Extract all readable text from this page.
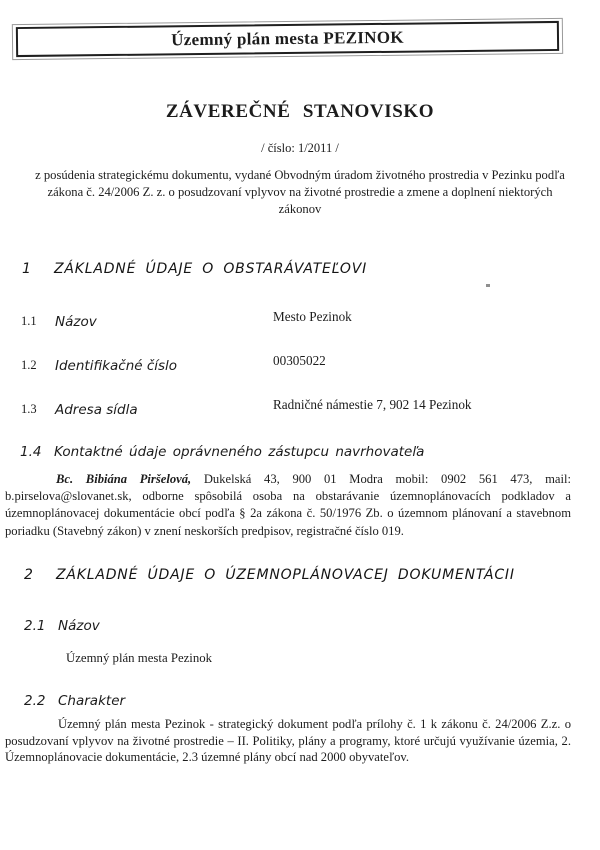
Územný plán mesta PEZINOK
ZÁVEREČNÉ STANOVISKO
/ číslo: 1/2011 /

z posúdenia strategickému dokumentu, vydané Obvodným úradom životného prostredia v Pezinku podľa zákona č. 24/2006 Z. z. o posudzovaní vplyvov na životné prostredie a zmene a doplnení niektorých zákonov

1 ZÁKLADNÉ ÚDAJE O OBSTARÁVATEĽOVI
1.1 Názov	Mesto Pezinok
1.2 Identifikačné číslo	00305022
1.3 Adresa sídla	Radničné námestie 7, 902 14 Pezinok
1.4 Kontaktné údaje oprávneného zástupcu navrhovateľa

Bc. Bibiána Piršelová, Dukelská 43, 900 01 Modra mobil: 0902 561 473, mail: b.pirselova@slovanet.sk, odborne spôsobilá osoba na obstarávanie územnoplánovacích podkladov a územnoplánovacej dokumentácie obcí podľa § 2a zákona č. 50/1976 Zb. o územnom plánovaní a stavebnom poriadku (Stavebný zákon) v znení neskorších predpisov, registračné číslo 019.

2 ZÁKLADNÉ ÚDAJE O ÚZEMNOPLÁNOVACEJ DOKUMENTÁCII
2.1 Názov

Územný plán mesta Pezinok

2.2 Charakter

Územný plán mesta Pezinok - strategický dokument podľa prílohy č. 1 k zákonu č. 24/2006 Z.z. o posudzovaní vplyvov na životné prostredie – II. Politiky, plány a programy, ktoré určujú využívanie územia, 2. Územnoplánovacie dokumentácie, 2.3 územné plány obcí nad 2000 obyvateľov.
